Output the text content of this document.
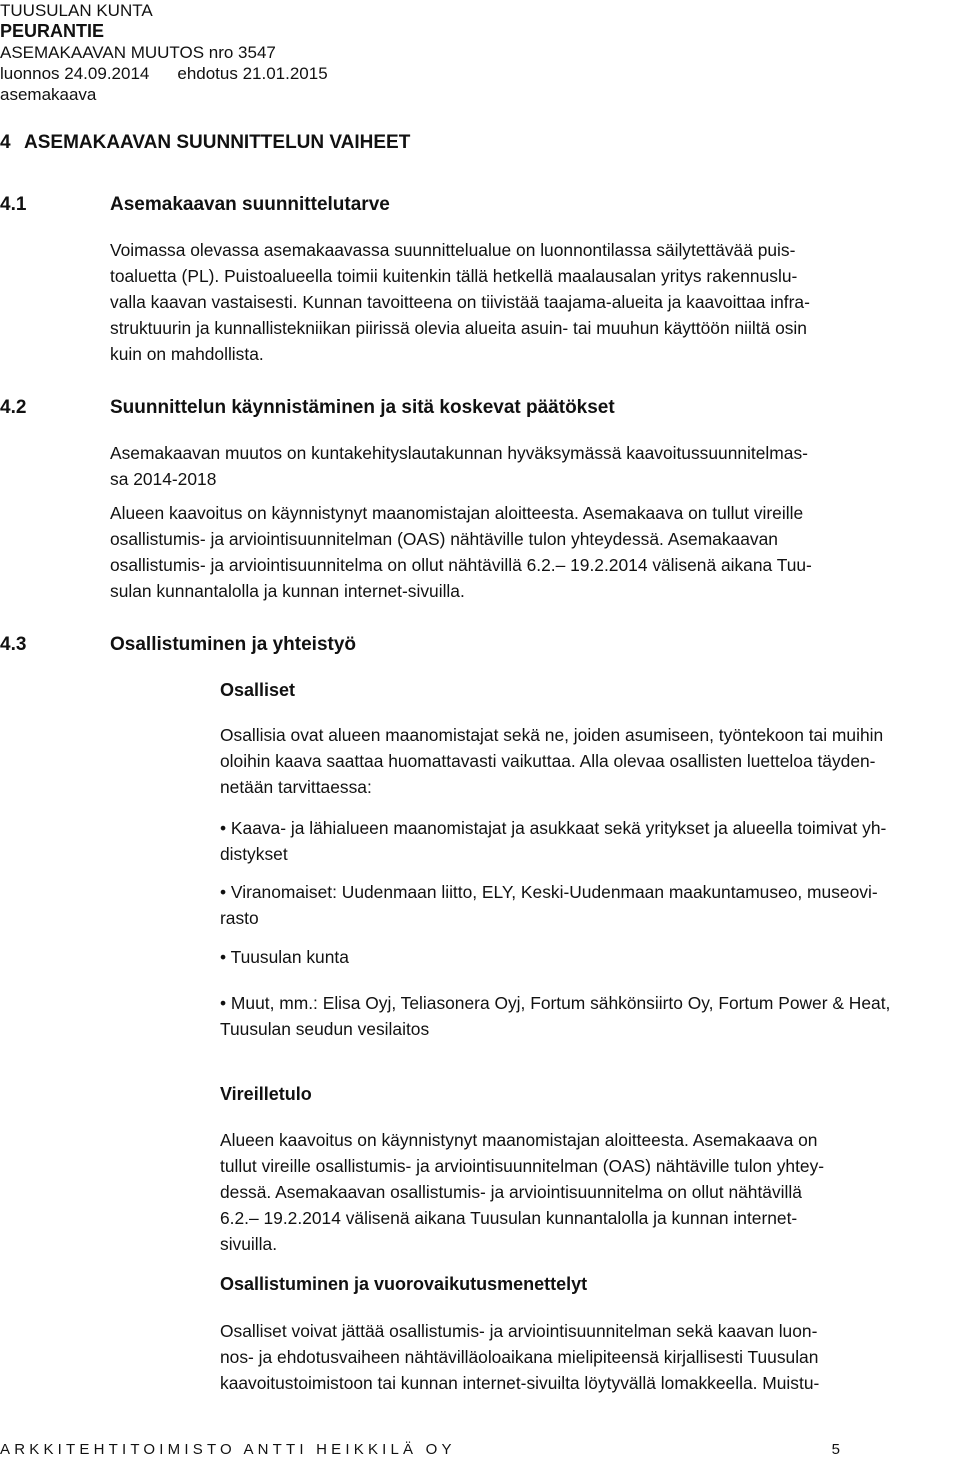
TUUSULAN KUNTA
PEURANTIE
ASEMAKAAVAN MUUTOS nro 3547
luonnos 24.09.2014 ehdotus 21.01.2015
asemakaava
4 ASEMAKAAVAN SUUNNITTELUN VAIHEET
4.1	Asemakaavan suunnittelutarve
Voimassa olevassa asemakaavassa suunnittelualue on luonnontilassa säilytettävää puis-
toaluetta (PL). Puistoalueella toimii kuitenkin tällä hetkellä maalausalan yritys rakennuslu-
valla kaavan vastaisesti. Kunnan tavoitteena on tiivistää taajama-alueita ja kaavoittaa infra-
struktuurin ja kunnallistekniikan piirissä olevia alueita asuin- tai muuhun käyttöön niiltä osin
kuin on mahdollista.
4.2	Suunnittelun käynnistäminen ja sitä koskevat päätökset
Asemakaavan muutos on kuntakehityslautakunnan hyväksymässä kaavoitussuunnitelmas-
sa 2014-2018
Alueen kaavoitus on käynnistynyt maanomistajan aloitteesta. Asemakaava on tullut vireille
osallistumis- ja arviointisuunnitelman (OAS) nähtäville tulon yhteydessä. Asemakaavan
osallistumis- ja arviointisuunnitelma on ollut nähtävillä 6.2.– 19.2.2014 välisenä aikana Tuu-
sulan kunnantalolla ja kunnan internet-sivuilla.
4.3	Osallistuminen ja yhteistyö
Osalliset
Osallisia ovat alueen maanomistajat sekä ne, joiden asumiseen, työntekoon tai muihin
oloihin kaava saattaa huomattavasti vaikuttaa. Alla olevaa osallisten luetteloa täyden-
netään tarvittaessa:
• Kaava- ja lähialueen maanomistajat ja asukkaat sekä yritykset ja alueella toimivat yh-
distykset
• Viranomaiset: Uudenmaan liitto, ELY, Keski-Uudenmaan maakuntamuseo, museovi-
rasto
• Tuusulan kunta
• Muut, mm.: Elisa Oyj, Teliasonera Oyj, Fortum sähkönsiirto Oy, Fortum Power & Heat,
Tuusulan seudun vesilaitos
Vireilletulo
Alueen kaavoitus on käynnistynyt maanomistajan aloitteesta. Asemakaava on
tullut vireille osallistumis- ja arviointisuunnitelman (OAS) nähtäville tulon yhtey-
dessä. Asemakaavan osallistumis- ja arviointisuunnitelma on ollut nähtävillä
6.2.– 19.2.2014 välisenä aikana Tuusulan kunnantalolla ja kunnan internet-
sivuilla.
Osallistuminen ja vuorovaikutusmenettelyt
Osalliset voivat jättää osallistumis- ja arviointisuunnitelman sekä kaavan luon-
nos- ja ehdotusvaiheen nähtävilläoloaikana mielipiteensä kirjallisesti Tuusulan
kaavoitustoimistoon tai kunnan internet-sivuilta löytyvällä lomakkeella. Muistu-
ARKKITEHTITOIMISTO ANTTI HEIKKILÄ OY	5
